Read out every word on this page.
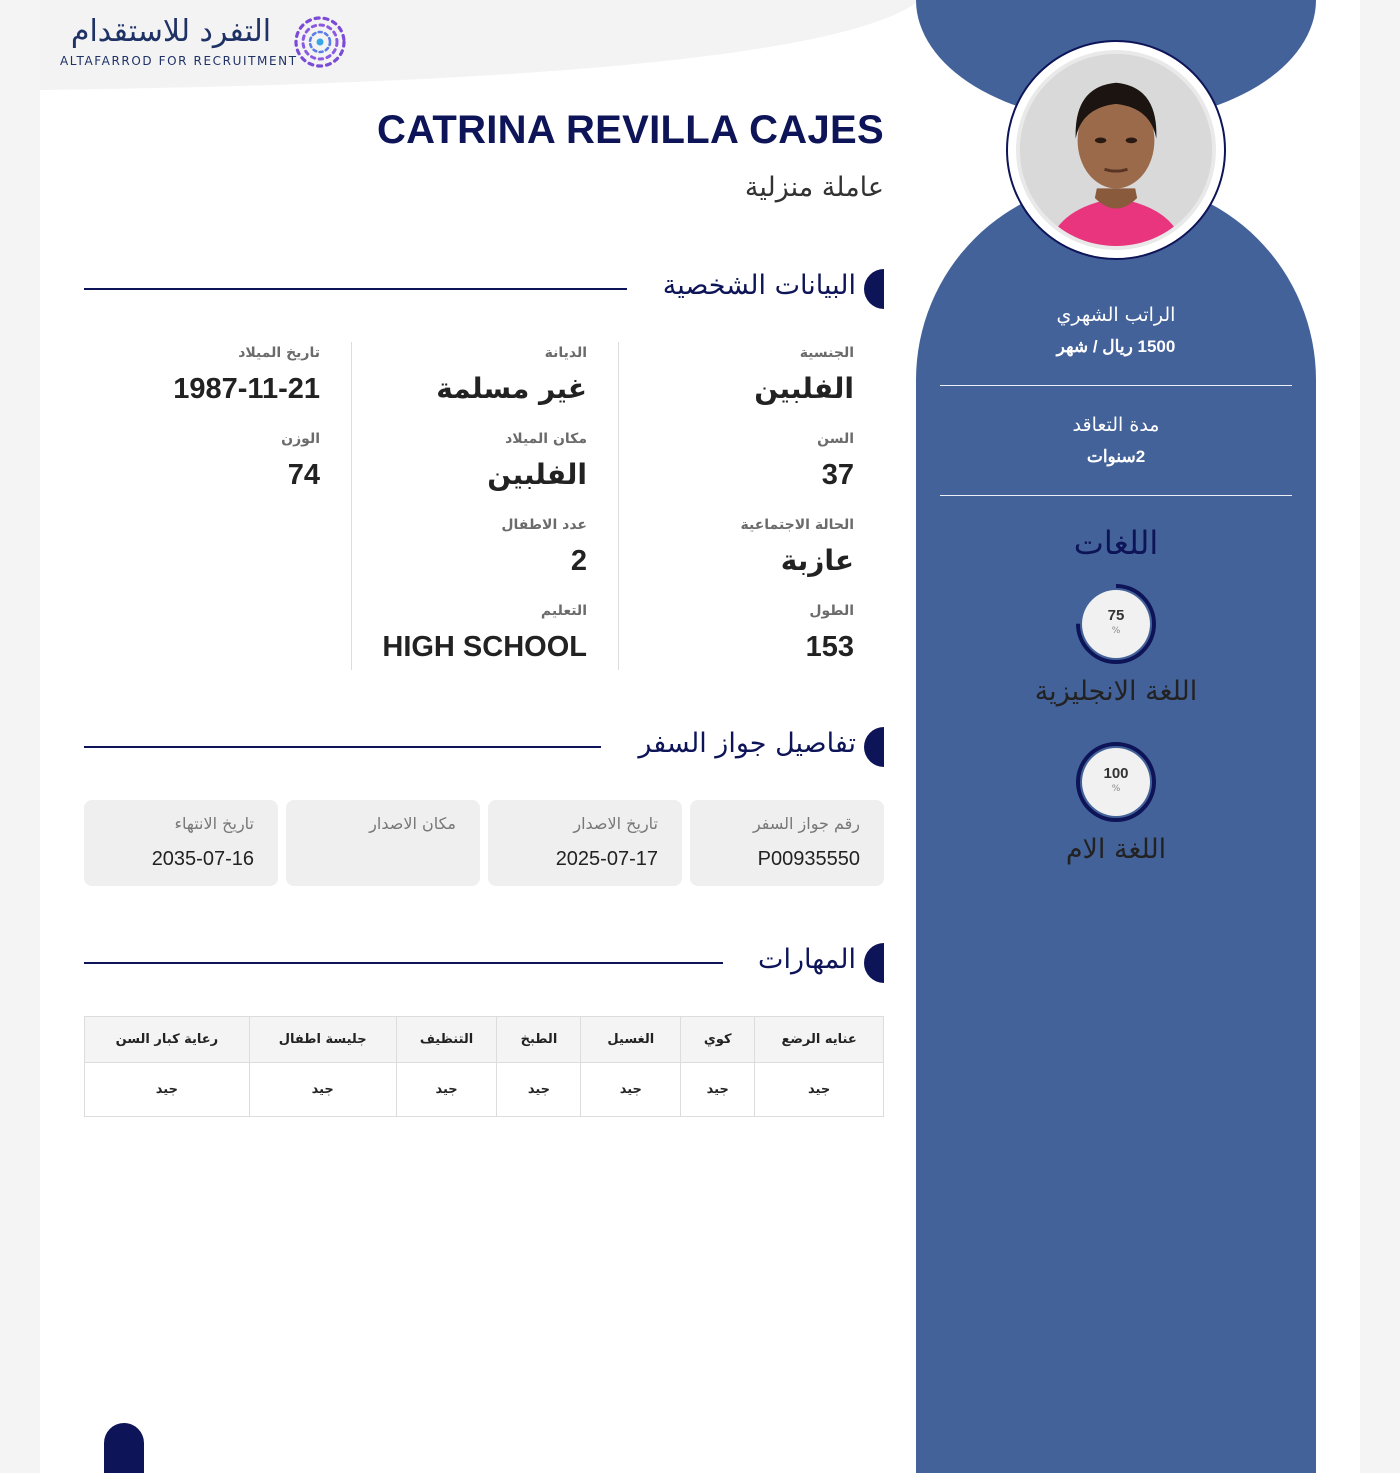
التفرد للاستقدام
ALTAFARROD FOR RECRUITMENT
CATRINA REVILLA CAJES
عاملة منزلية
البيانات الشخصية
الجنسية
الفلبين
السن
37
الحالة الاجتماعية
عازبة
الطول
153
الديانة
غير مسلمة
مكان الميلاد
الفلبين
عدد الاطفال
2
التعليم
HIGH SCHOOL
تاريخ الميلاد
1987-11-21
الوزن
74
تفاصيل جواز السفر
رقم جواز السفر
P00935550
تاريخ الاصدار
2025-07-17
مكان الاصدار
تاريخ الانتهاء
2035-07-16
المهارات
عنايه الرضع	كوي	الغسيل	الطبخ	التنظيف	جليسة اطفال	رعاية كبار السن
جيد	جيد	جيد	جيد	جيد	جيد	جيد
الراتب الشهري
1500 ريال / شهر
مدة التعاقد
2سنوات
اللغات
75
%
اللغة الانجليزية
100
%
اللغة الام
